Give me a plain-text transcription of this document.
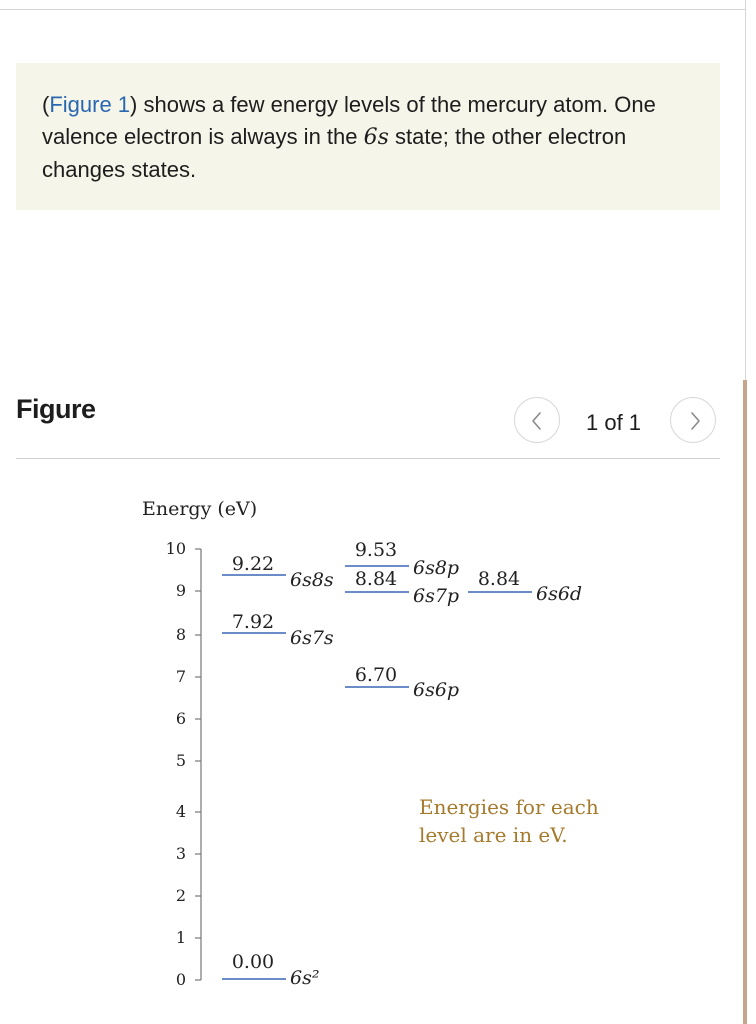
(Figure 1) shows a few energy levels of the mercury atom. One valence electron is always in the 6s state; the other electron changes states.

Figure	1 of 1
Energy (eV)
0
1
2
3
4
5
6
7
8
9
10
9.22
6s8s
7.92
6s7s
0.00
6s²
9.53
6s8p
8.84
6s7p
6.70
6s6p
8.84
6s6d
Energies for each
level are in eV.
